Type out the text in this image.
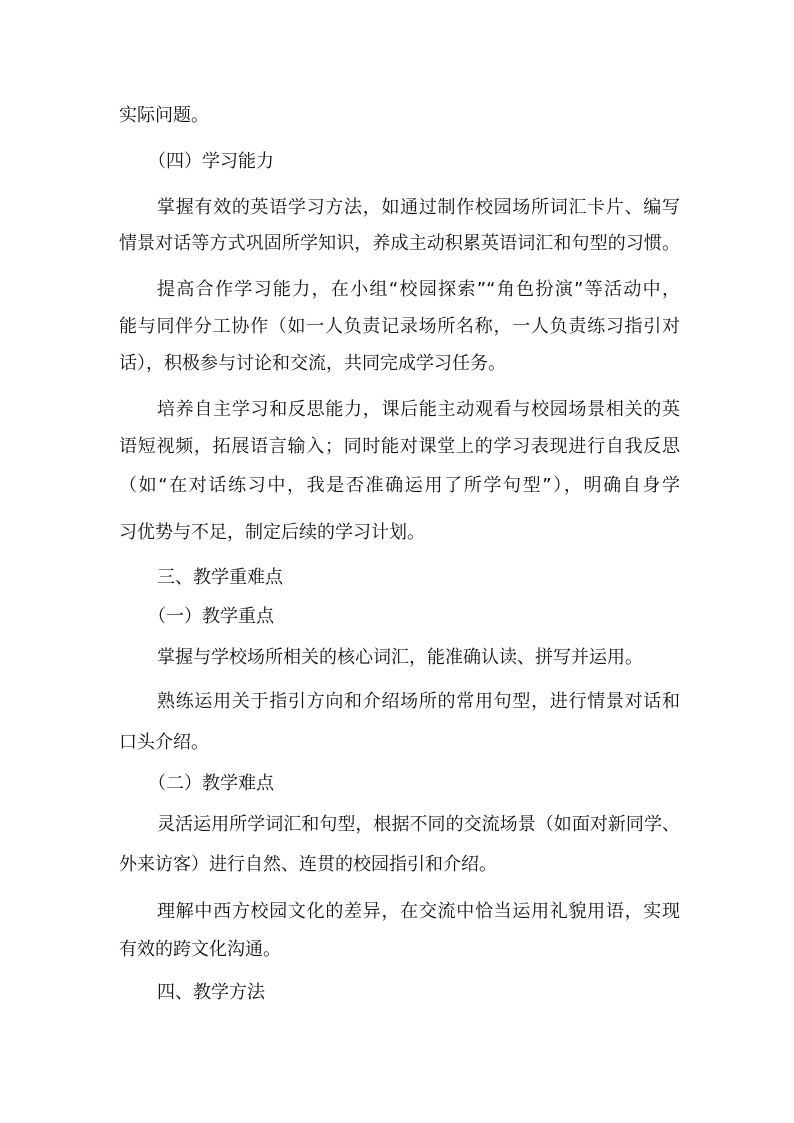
实际问题。
（四）学习能力
掌握有效的英语学习方法，如通过制作校园场所词汇卡片、编写
情景对话等方式巩固所学知识，养成主动积累英语词汇和句型的习惯。
提高合作学习能力，在小组“校园探索”“角色扮演”等活动中，
能与同伴分工协作（如一人负责记录场所名称，一人负责练习指引对
话），积极参与讨论和交流，共同完成学习任务。
培养自主学习和反思能力，课后能主动观看与校园场景相关的英
语短视频，拓展语言输入；同时能对课堂上的学习表现进行自我反思
（如“在对话练习中，我是否准确运用了所学句型”），明确自身学
习优势与不足，制定后续的学习计划。
三、教学重难点
（一）教学重点
掌握与学校场所相关的核心词汇，能准确认读、拼写并运用。
熟练运用关于指引方向和介绍场所的常用句型，进行情景对话和
口头介绍。
（二）教学难点
灵活运用所学词汇和句型，根据不同的交流场景（如面对新同学、
外来访客）进行自然、连贯的校园指引和介绍。
理解中西方校园文化的差异，在交流中恰当运用礼貌用语，实现
有效的跨文化沟通。
四、教学方法
